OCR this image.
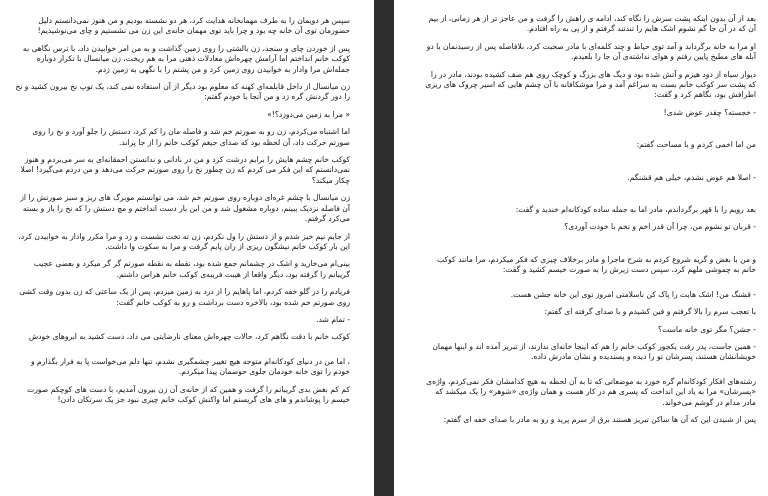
سپس هر دویمان را به طرف مهمانخانه هدایت کرد، هر دو نشسته بودیم و من هنوز نمی‌دانستم دلیل حضورمان توی آن خانه چه بود و چرا باید توی مهمان خانه‌ی این زن می نشستیم و چای می‌نوشیدیم!

پس از خوردن چای و سنجد، زن بالشتی را روی زمین گذاشت و به من امر خوابیدن داد، با ترس نگاهی به کوکب خانم انداختم اما آرامش چهره‌اش معادلات ذهنی مرا به هم ریخت، زن میانسال با تکرار دوباره جمله‌اش مرا وادار به خوابیدن روی زمین کرد و من پشتم را با نگهی به زمین زدم.

زن میانسال از داخل قابلمه‌ای کهنه که معلوم بود دیگر از آن استفاده نمی کند، یک توپ نخ بیرون کشید و نخ را دور گردنش گره زد و من آنجا با خودم گفتم:

« مرا به زمین می‌دوزد؟!»

اما اشتباه می‌کردم، زن رو به صورتم خم شد و فاصله مان را کم کرد، دستش را جلو آورد و نخ را روی صورتم حرکت داد، آن لحظه بود که صدای جیغم کوکب خانم را از جا پراند.

کوکب خانم چشم هایش را برایم درشت کرد و من در نادانی و ندانستن احمقانه‌ای به سر می‌بردم و هنوز نمی‌دانستم که این فکر می کردم که زن چطور نخ را روی صورتم حرکت می‌دهد و من دردم می‌گیرد! اصلا چکار میکند؟

زن میانسال با چشم غره‌ای دوباره روی صورتم خم شد، می توانستم موبرگ های ریز و سبز صورتش را از آن فاصله نزدیک ببینم، دوباره مشغول شد و من این بار دست انداختم و مچ دستش را که نخ را باز و بسته می‌کرد گرفتم.

از جایم نیم خیز شدم و از دستش را ول نکردم، زن ته تخت نشست و زد و مرا مکرر وادار به خوابیدن کرد، این بار کوکب خانم نیشگون ریزی از ران پایم گرفت و مرا به سکوت وا داشت.

بینی‌ام می‌خارید و اشک در چشمانم جمع شده بود، نقطه به نقطه صورتم گر گر میکرد و بعضی عجیب گریبانم را گرفته بود، دیگر واقعا از هیبت فریبه‌ی کوکب خانم هراس داشتم.

فریادم را در گلو خفه کردم، اما پاهایم را از درد به زمین میزدم، پس از یک ساعتی که زن بدون وقت کشی روی صورتم خم شده بود، بالاخره دست برداشت و رو به کوکب خانم گفت:

- تمام شد.

کوکب خانم با دقت نگاهم کرد، حالات چهره‌اش معنای نارضایتی می داد، دست کشید به ابروهای خودش

، اما من در دنیای کودکانه‌ام متوجه هیچ تغییر چشمگیری نشدم، تنها دلم می‌خواست پا به فرار بگذارم و خودم را توی خانه خودمان جلوی حوضمان پیدا میکردم.

کم کم بغض بدی گریبانم را گرفت و همین که از خانه‌ی آن زن بیرون آمدیم، با دست های کوچکم صورت خیسم را پوشاندم و های های گریستم اما واکنش کوکب خانم چیزی نبود جز یک سرتکان دادن!

بعد از آن بدون اینکه پشت سرش را نگاه کند، ادامه ی راهش را گرفت و من عاجز تر از هر زمانی، از بیم آن که در آن جا گم نشوم اشک هایم را تندتند گرفتم و از پی به راه افتادم.

او مرا به خانه برگرداند و آمد توی حیاط و چند کلمه‌ای با مادر صحبت کرد، بلافاصله پس از رسیدنمان با دو آبله های مطبخ پایین رفتم و هوای نداشته‌ی آن جا را بلعیدم.

دیوار سیاه از دود هیزم و آتش شده بود و دیگ های بزرگ و کوچک روی هم صف کشیده بودند، مادر در را که پشت سر کوکب خانم بست به سراغم آمد و مرا موشکافانه با آن چشم هایی که اسیر چروک های ریزی اطرافش بود، نگاهم کرد و گفت:

- خجسته؟ چقدر عوض شدی!

من اما اخمی کردم و با مساحت گفتم:

- اصلا هم عوض نشدم، خیلی هم قشنگم.

بعد رویم را با قهر برگرداندم، مادر اما به جمله ساده کودکانه‌ام خندید و گفت:

- قربان تو بشوم من، چرا آن قدر اخم و تخم با خودت آوردی؟

و من با بغض و گریه شروع کردم به شرح ماجرا و مادر برخلاف چیزی که فکر میکردم، مرا مانند کوکب خانم به چموشی ملهم کرد، سپس دست زیرش را به صورت خیسم کشید و گفت:

- قشنگ من! اشک هایت را پاک کن ناسلامتی امروز توی این خانه جشن هست.

با تعجب سرم را بالا گرفتم و فین کشیدم و با صدای گرفته ای گفتم:

- جشن؟ مگر توی خانه ماست؟

- همین جاست، پدر رفت یکجور کوکب خانم را هم که اینجا خانه‌ای ندارند، از تبریز آمده اند و اینها مهمان خویشانشان هستند، پسرشان تو را دیده و پسندیده و نشان مادرش داده.

رشته‌های افکار کودکانه‌ام گره خورد به موضعاتی که تا به آن لحظه به هیچ کدامشان فکر نمی‌کردم، واژه‌ی «پسرشان» مرا به یاد این انداخت که پسری هم در کار هست و همان واژه‌ی «شوهر» را یک میکشد که مادر مدام در گوشم می‌خواند.

پس از شنیدن این که آن ها ساکن تبریز هستند برق از سرم پرید و رو به مادر با صدای خفه ای گفتم:
